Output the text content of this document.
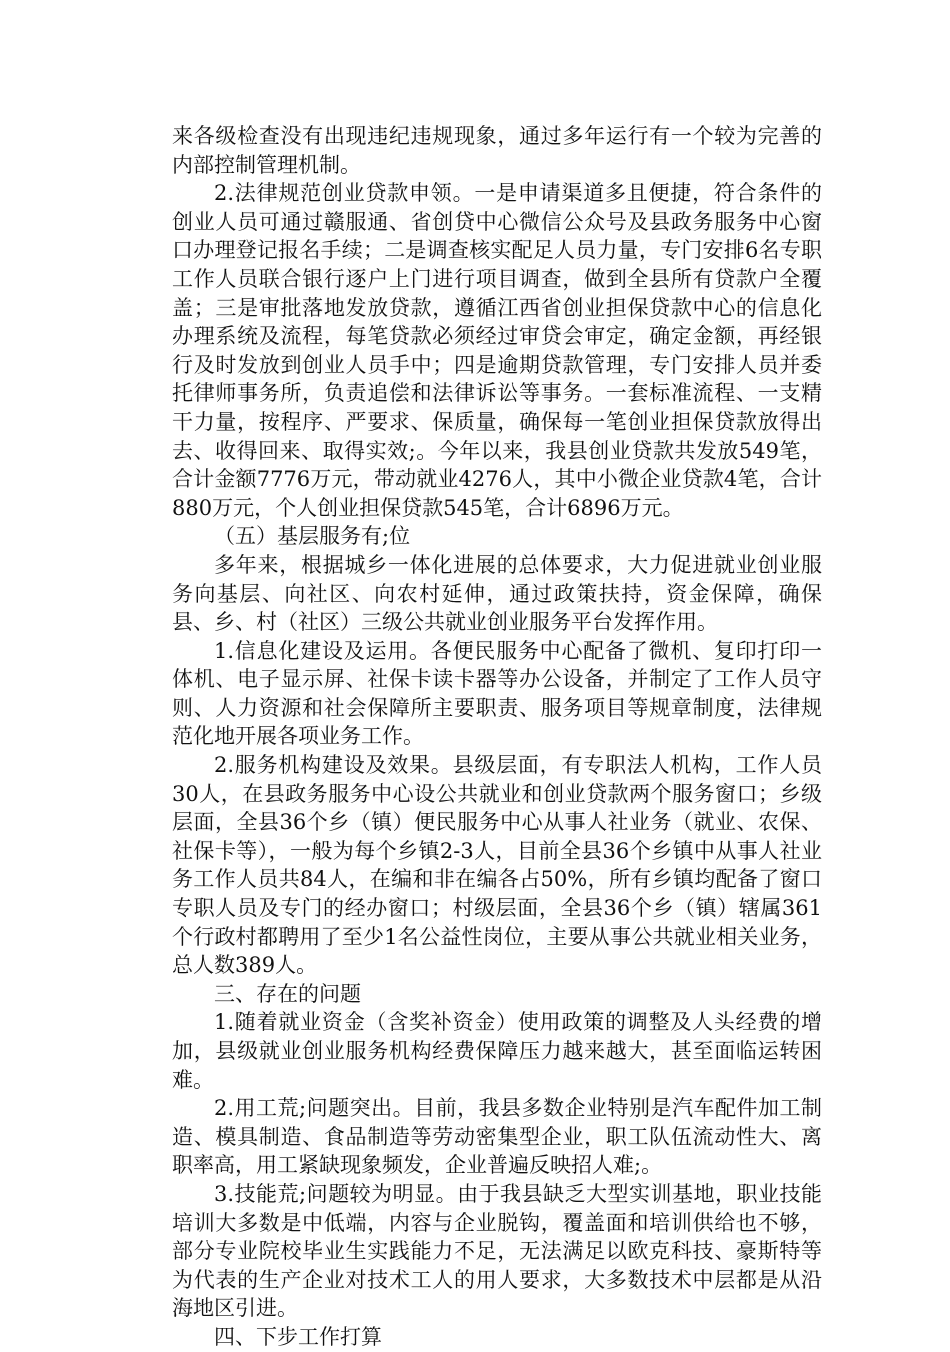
来各级检查没有出现违纪违规现象，通过多年运行有一个较为完善的内部控制管理机制。

2.法律规范创业贷款申领。一是申请渠道多且便捷，符合条件的创业人员可通过赣服通、省创贷中心微信公众号及县政务服务中心窗口办理登记报名手续；二是调查核实配足人员力量，专门安排6名专职工作人员联合银行逐户上门进行项目调查，做到全县所有贷款户全覆盖；三是审批落地发放贷款，遵循江西省创业担保贷款中心的信息化办理系统及流程，每笔贷款必须经过审贷会审定，确定金额，再经银行及时发放到创业人员手中；四是逾期贷款管理，专门安排人员并委托律师事务所，负责追偿和法律诉讼等事务。一套标准流程、一支精干力量，按程序、严要求、保质量，确保每一笔创业担保贷款放得出去、收得回来、取得实效;。今年以来，我县创业贷款共发放549笔，合计金额7776万元，带动就业4276人，其中小微企业贷款4笔，合计880万元，个人创业担保贷款545笔，合计6896万元。

（五）基层服务有;位

多年来，根据城乡一体化进展的总体要求，大力促进就业创业服务向基层、向社区、向农村延伸，通过政策扶持，资金保障，确保县、乡、村（社区）三级公共就业创业服务平台发挥作用。

1.信息化建设及运用。各便民服务中心配备了微机、复印打印一体机、电子显示屏、社保卡读卡器等办公设备，并制定了工作人员守则、人力资源和社会保障所主要职责、服务项目等规章制度，法律规范化地开展各项业务工作。

2.服务机构建设及效果。县级层面，有专职法人机构，工作人员30人，在县政务服务中心设公共就业和创业贷款两个服务窗口；乡级层面，全县36个乡（镇）便民服务中心从事人社业务（就业、农保、社保卡等），一般为每个乡镇2-3人，目前全县36个乡镇中从事人社业务工作人员共84人，在编和非在编各占50%，所有乡镇均配备了窗口专职人员及专门的经办窗口；村级层面，全县36个乡（镇）辖属361个行政村都聘用了至少1名公益性岗位，主要从事公共就业相关业务，总人数389人。

三、存在的问题

1.随着就业资金（含奖补资金）使用政策的调整及人头经费的增加，县级就业创业服务机构经费保障压力越来越大，甚至面临运转困难。

2.用工荒;问题突出。目前，我县多数企业特别是汽车配件加工制造、模具制造、食品制造等劳动密集型企业，职工队伍流动性大、离职率高，用工紧缺现象频发，企业普遍反映招人难;。

3.技能荒;问题较为明显。由于我县缺乏大型实训基地，职业技能培训大多数是中低端，内容与企业脱钩，覆盖面和培训供给也不够，部分专业院校毕业生实践能力不足，无法满足以欧克科技、豪斯特等为代表的生产企业对技术工人的用人要求，大多数技术中层都是从沿海地区引进。

四、下步工作打算
